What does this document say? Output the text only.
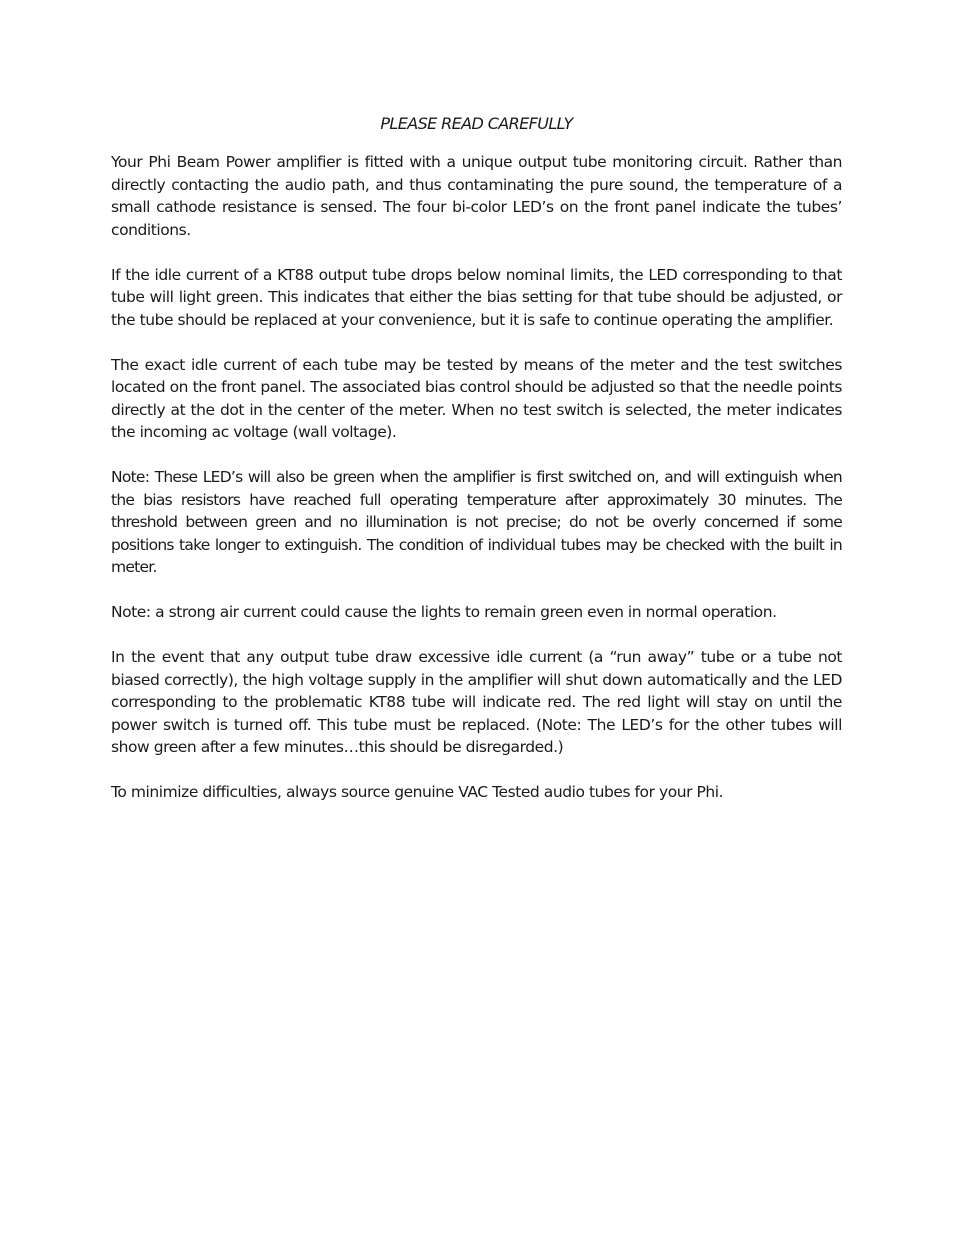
PLEASE READ CAREFULLY

Your Phi Beam Power amplifier is fitted with a unique output tube monitoring circuit. Rather than directly contacting the audio path, and thus contaminating the pure sound, the temperature of a small cathode resistance is sensed. The four bi-color LED’s on the front panel indicate the tubes’ conditions.

If the idle current of a KT88 output tube drops below nominal limits, the LED corresponding to that tube will light green. This indicates that either the bias setting for that tube should be adjusted, or the tube should be replaced at your convenience, but it is safe to continue operating the amplifier.

The exact idle current of each tube may be tested by means of the meter and the test switches located on the front panel. The associated bias control should be adjusted so that the needle points directly at the dot in the center of the meter. When no test switch is selected, the meter indicates the incoming ac voltage (wall voltage).

Note: These LED’s will also be green when the amplifier is first switched on, and will extinguish when the bias resistors have reached full operating temperature after approximately 30 minutes. The threshold between green and no illumination is not precise; do not be overly concerned if some positions take longer to extinguish. The condition of individual tubes may be checked with the built in meter.

Note: a strong air current could cause the lights to remain green even in normal operation.

In the event that any output tube draw excessive idle current (a “run away” tube or a tube not biased correctly), the high voltage supply in the amplifier will shut down automatically and the LED corresponding to the problematic KT88 tube will indicate red. The red light will stay on until the power switch is turned off. This tube must be replaced. (Note: The LED’s for the other tubes will show green after a few minutes…this should be disregarded.)

To minimize difficulties, always source genuine VAC Tested audio tubes for your Phi.
